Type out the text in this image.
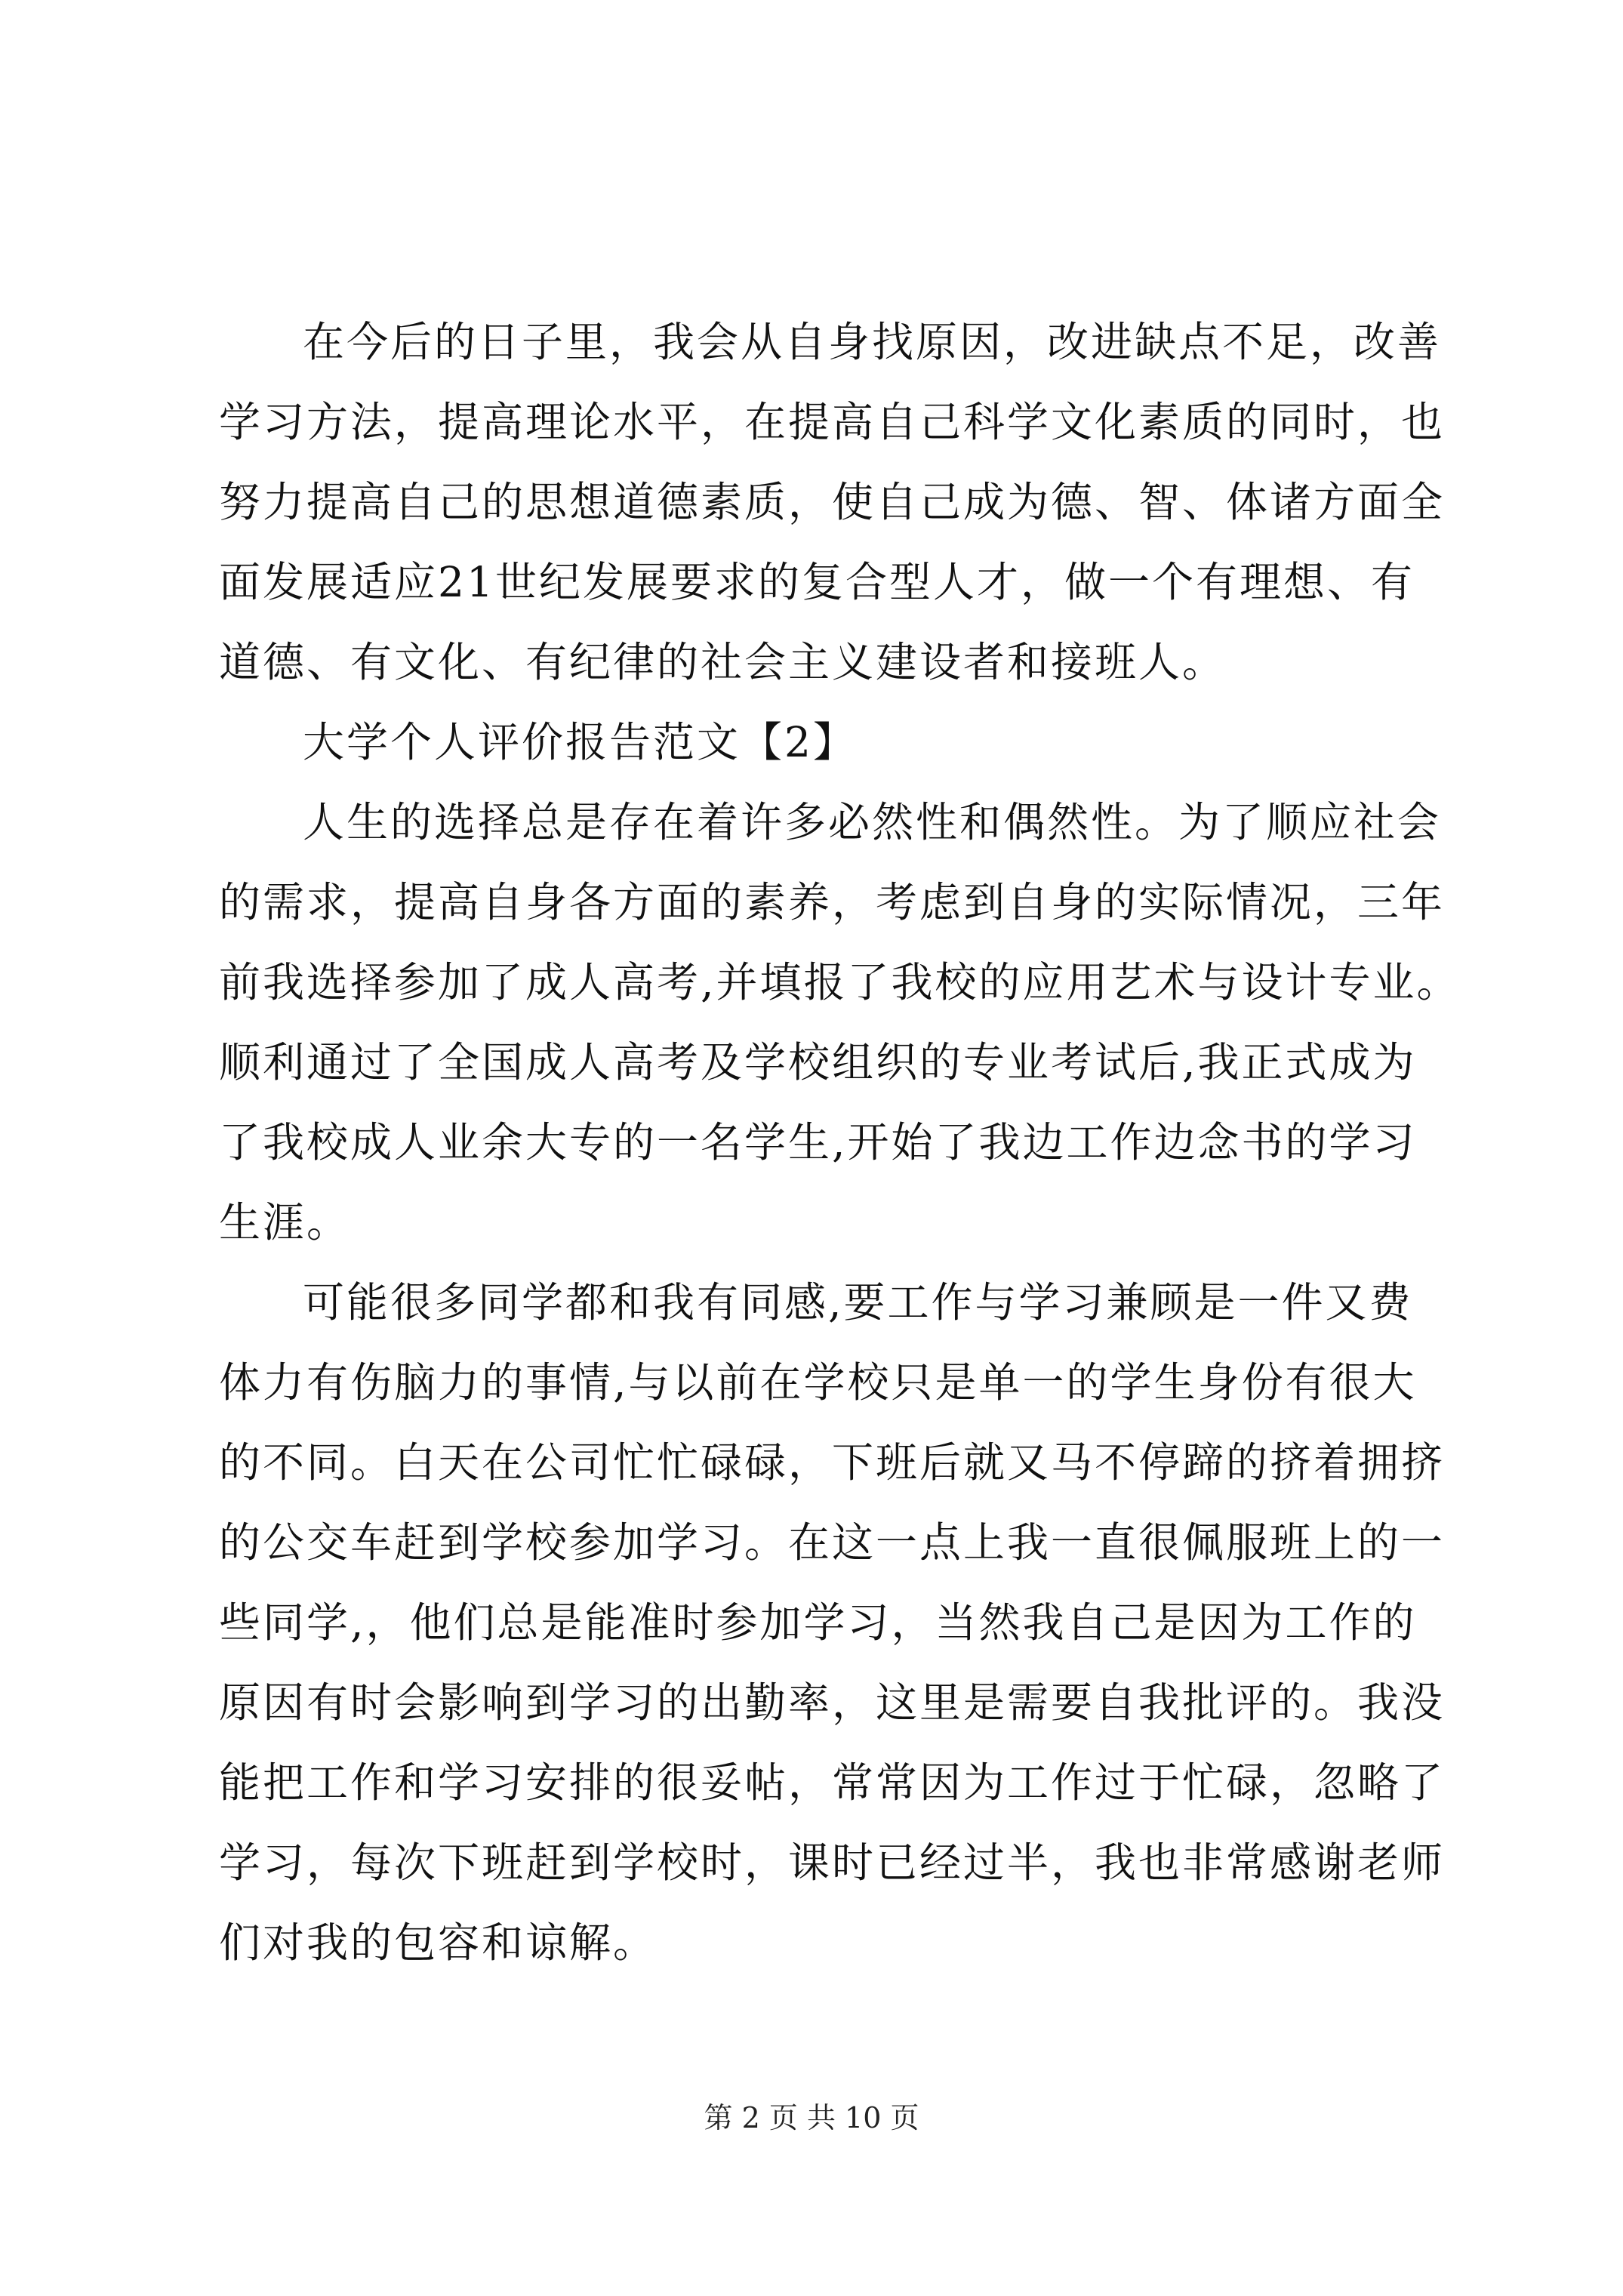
在今后的日子里，我会从自身找原因，改进缺点不足，改善
学习方法，提高理论水平，在提高自己科学文化素质的同时，也
努力提高自己的思想道德素质，使自己成为德、智、体诸方面全
面发展适应21世纪发展要求的复合型人才，做一个有理想、有
道德、有文化、有纪律的社会主义建设者和接班人。
大学个人评价报告范文【2】
人生的选择总是存在着许多必然性和偶然性。为了顺应社会
的需求，提高自身各方面的素养，考虑到自身的实际情况，三年
前我选择参加了成人高考,并填报了我校的应用艺术与设计专业。
顺利通过了全国成人高考及学校组织的专业考试后,我正式成为
了我校成人业余大专的一名学生,开始了我边工作边念书的学习
生涯。
可能很多同学都和我有同感,要工作与学习兼顾是一件又费
体力有伤脑力的事情,与以前在学校只是单一的学生身份有很大
的不同。白天在公司忙忙碌碌，下班后就又马不停蹄的挤着拥挤
的公交车赶到学校参加学习。在这一点上我一直很佩服班上的一
些同学,，他们总是能准时参加学习，当然我自己是因为工作的
原因有时会影响到学习的出勤率，这里是需要自我批评的。我没
能把工作和学习安排的很妥帖，常常因为工作过于忙碌，忽略了
学习，每次下班赶到学校时，课时已经过半，我也非常感谢老师
们对我的包容和谅解。
第 2 页 共 10 页
